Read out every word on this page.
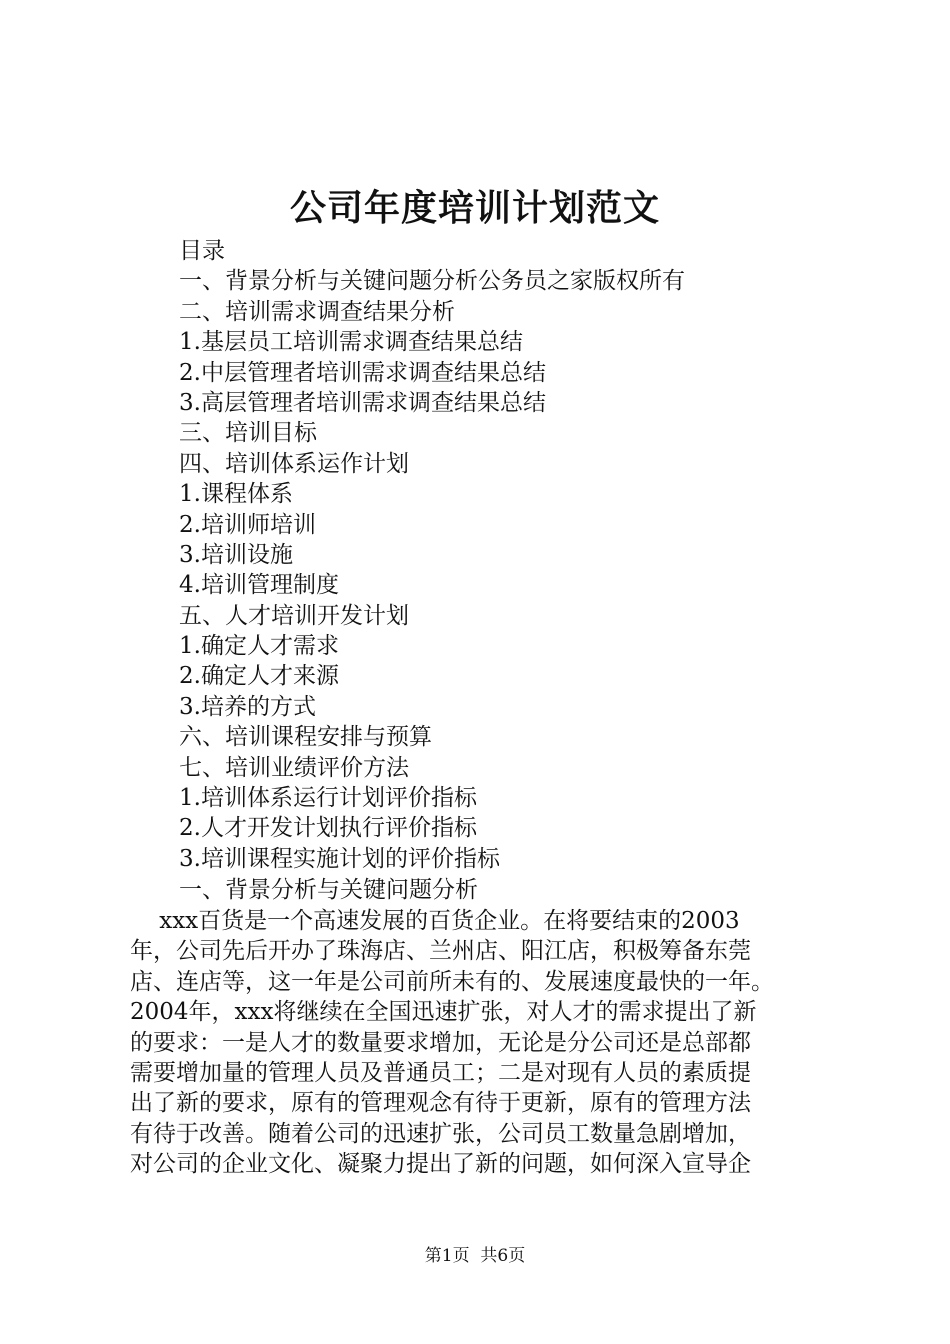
公司年度培训计划范文
目录
一、背景分析与关键问题分析公务员之家版权所有
二、培训需求调查结果分析
1.基层员工培训需求调查结果总结
2.中层管理者培训需求调查结果总结
3.高层管理者培训需求调查结果总结
三、培训目标
四、培训体系运作计划
1.课程体系
2.培训师培训
3.培训设施
4.培训管理制度
五、人才培训开发计划
1.确定人才需求
2.确定人才来源
3.培养的方式
六、培训课程安排与预算
七、培训业绩评价方法
1.培训体系运行计划评价指标
2.人才开发计划执行评价指标
3.培训课程实施计划的评价指标
一、背景分析与关键问题分析
xxx百货是一个高速发展的百货企业。在将要结束的2003
年，公司先后开办了珠海店、兰州店、阳江店，积极筹备东莞
店、连店等，这一年是公司前所未有的、发展速度最快的一年。
2004年，xxx将继续在全国迅速扩张，对人才的需求提出了新
的要求：一是人才的数量要求增加，无论是分公司还是总部都
需要增加量的管理人员及普通员工；二是对现有人员的素质提
出了新的要求，原有的管理观念有待于更新，原有的管理方法
有待于改善。随着公司的迅速扩张，公司员工数量急剧增加，
对公司的企业文化、凝聚力提出了新的问题，如何深入宣导企
第1页  共6页
